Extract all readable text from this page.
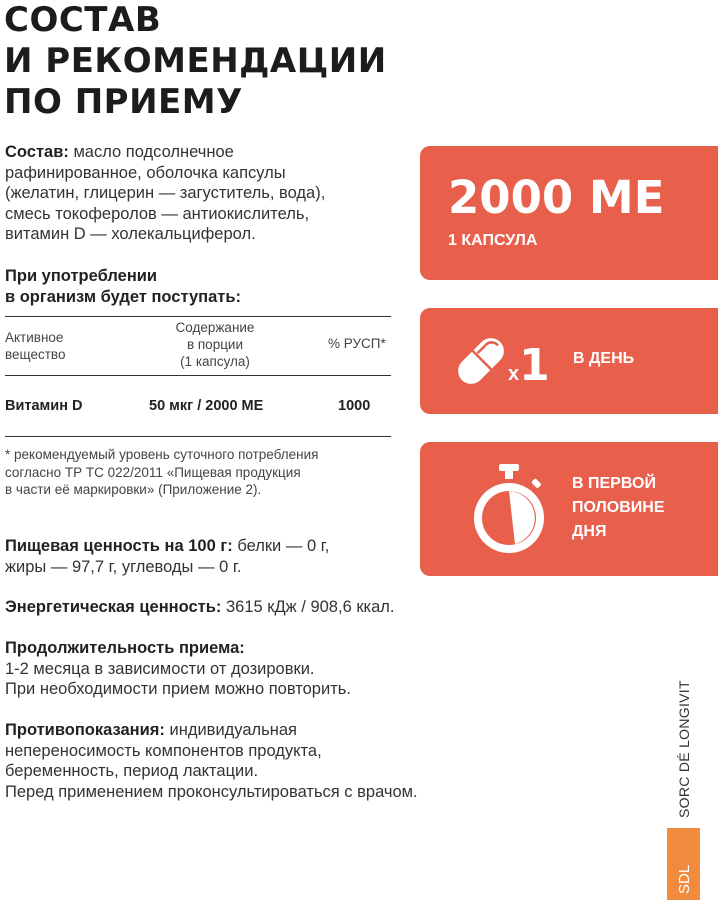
СОСТАВ
И РЕКОМЕНДАЦИИ
ПО ПРИЕМУ
Состав: масло подсолнечное
рафинированное, оболочка капсулы
(желатин, глицерин — загуститель, вода),
смесь токоферолов — антиокислитель,
витамин D — холекальциферол.
При употреблении
в организм будет поступать:
Активное
вещество
Содержание
в порции
(1 капсула)
% РУСП*
Витамин D	50 мкг / 2000 МЕ	1000
* рекомендуемый уровень суточного потребления
согласно ТР ТС 022/2011 «Пищевая продукция
в части её маркировки» (Приложение 2).
Пищевая ценность на 100 г: белки — 0 г,
жиры — 97,7 г, углеводы — 0 г.
Энергетическая ценность: 3615 кДж / 908,6 ккал.
Продолжительность приема:
1-2 месяца в зависимости от дозировки.
При необходимости прием можно повторить.
Противопоказания: индивидуальная
непереносимость компонентов продукта,
беременность, период лактации.
Перед применением проконсультироваться с врачом.
2000 МЕ
1 КАПСУЛА
x1 В ДЕНЬ
В ПЕРВОЙ
ПОЛОВИНЕ
ДНЯ
SORC DÉ LONGIVIT
SDL
